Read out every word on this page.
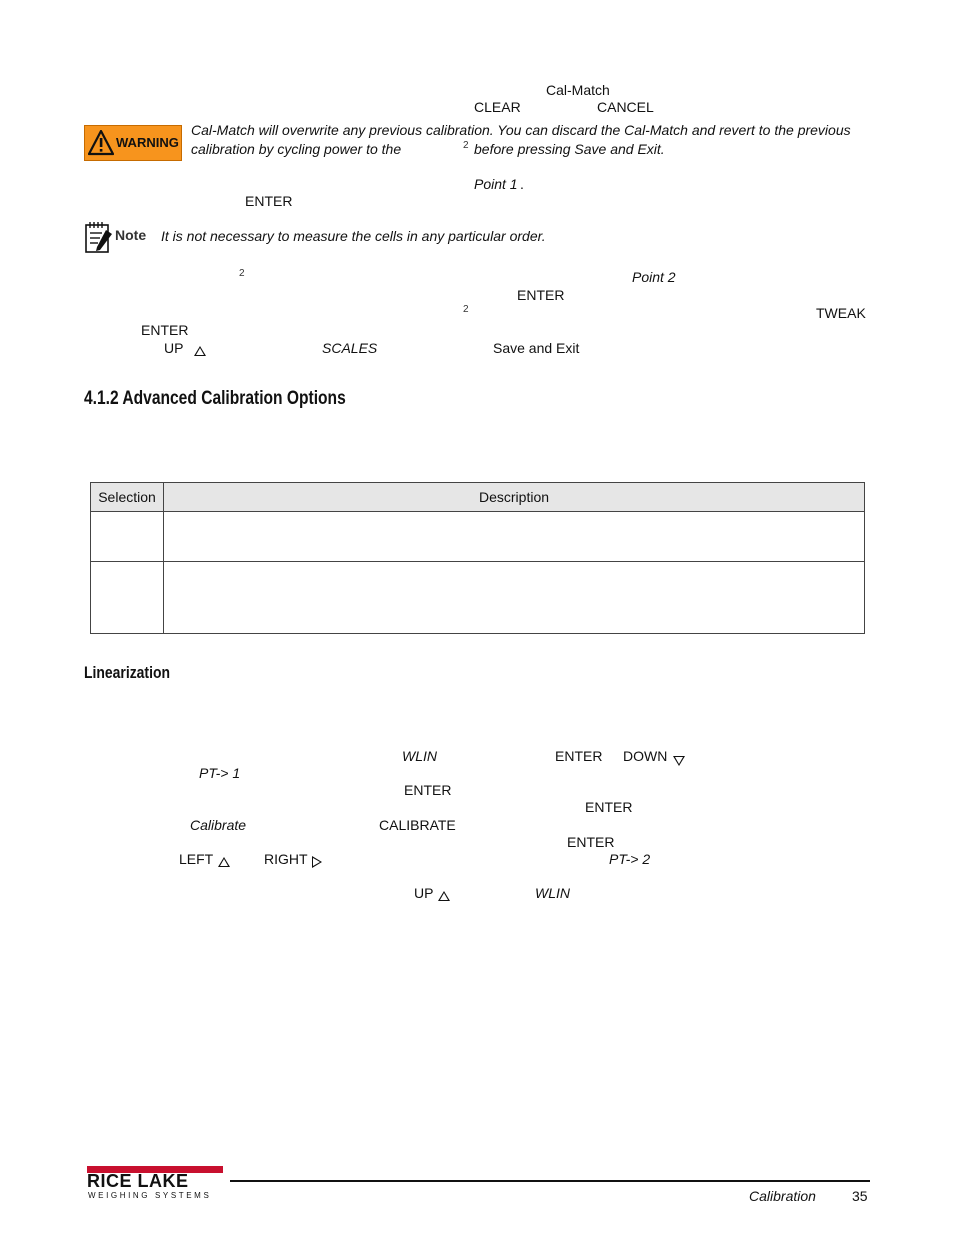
Cal-Match
CLEAR	CANCEL
WARNING
Cal-Match will overwrite any previous calibration. You can discard the Cal-Match and revert to the previous
calibration by cycling power to the	2 before pressing Save and Exit.
Point 1 .
ENTER
Note It is not necessary to measure the cells in any particular order.
2	Point 2
ENTER
2	TWEAK
ENTER
UP	SCALES	Save and Exit
4.1.2 Advanced Calibration Options
Selection	Description

Linearization
WLIN	ENTER DOWN
PT-> 1
ENTER
ENTER
Calibrate	CALIBRATE
ENTER
LEFT	RIGHT	PT-> 2
UP	WLIN
RICE LAKE
WEIGHING SYSTEMS	Calibration	35
